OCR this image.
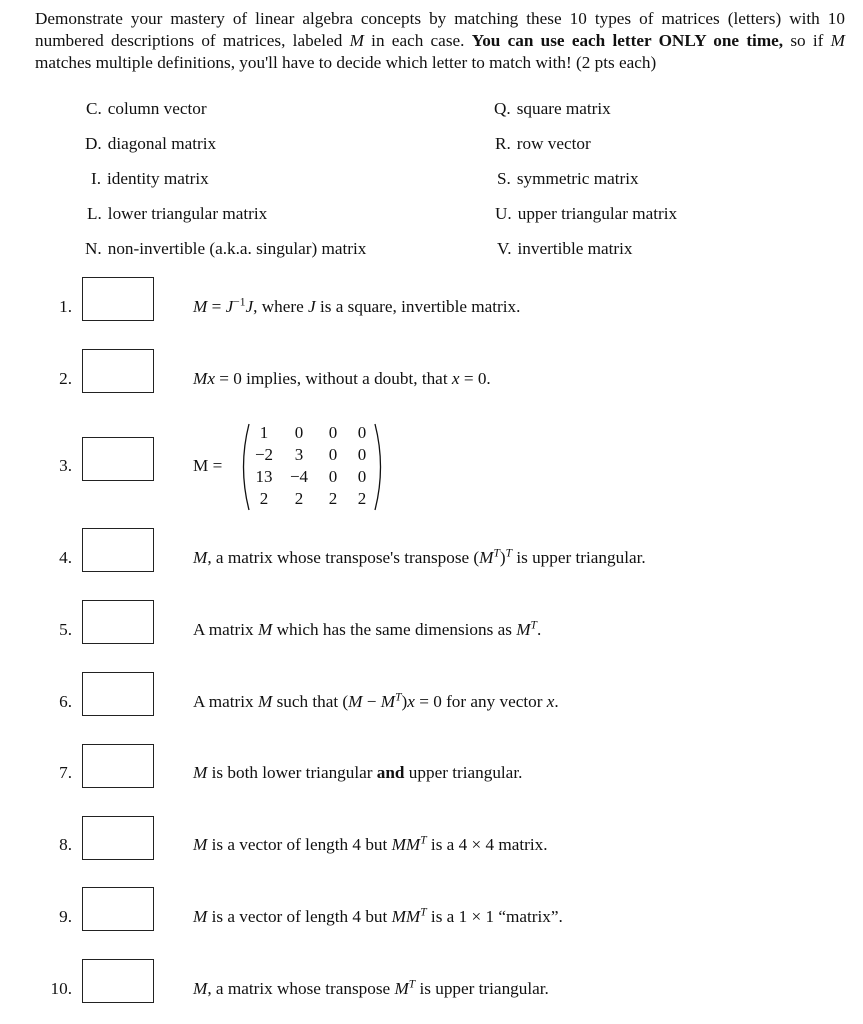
Demonstrate your mastery of linear algebra concepts by matching these 10 types of matrices (letters) with 10 numbered descriptions of matrices, labeled M in each case. You can use each letter ONLY one time, so if M matches multiple definitions, you'll have to decide which letter to match with! (2 pts each)
C. column vector
D. diagonal matrix
I. identity matrix
L. lower triangular matrix
N. non-invertible (a.k.a. singular) matrix
Q. square matrix
R. row vector
S. symmetric matrix
U. upper triangular matrix
V. invertible matrix
1.
2.
3.
4.
5.
6.
7.
8.
9.
10.
$M = J^{-1}J$, where J is a square, invertible matrix.
Mx = 0 implies, without a doubt, that x = 0.
M =
1 0 0 0
−2 3 0 0
13 −4 0 0
2 2 2 2
M, a matrix whose transpose's transpose $(M^T)^T$ is upper triangular.
A matrix M which has the same dimensions as $M^T$.
A matrix M such that $(M - M^T)x = 0$ for any vector x.
M is both lower triangular and upper triangular.
M is a vector of length 4 but $MM^T$ is a 4 × 4 matrix.
M is a vector of length 4 but $MM^T$ is a 1 × 1 “matrix”.
M, a matrix whose transpose $M^T$ is upper triangular.
